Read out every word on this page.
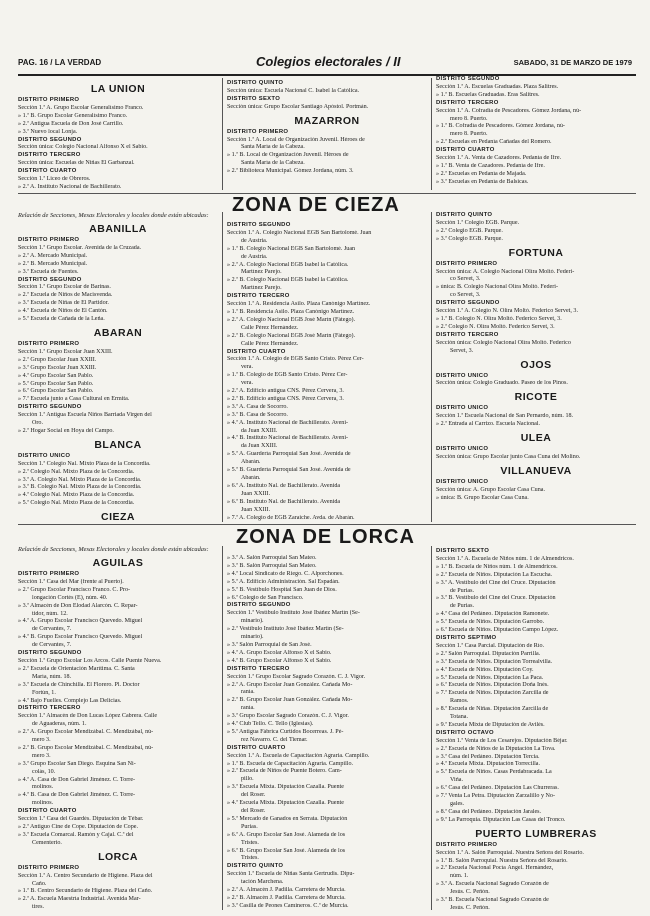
PAG. 16 / LA VERDAD	Colegios electorales / II	SABADO, 31 DE MARZO DE 1979
LA UNION
DISTRITO PRIMERO
Sección 1.ª A. Grupo Escolar Generalísimo Franco.
» 1.ª B. Grupo Escolar Generalísimo Franco.
» 2.ª Antigua Escuela de Don José Carrillo.
» 3.ª Nuevo local Lonja.
DISTRITO SEGUNDO
Sección única: Colegio Nacional Alfonso X el Sabio.
DISTRITO TERCERO
Sección única: Escuelas de Niñas El Garbanzal.
DISTRITO CUARTO
Sección 1.ª Liceo de Obreros.
» 2.ª A. Instituto Nacional de Bachillerato.
DISTRITO QUINTO
Sección única: Escuela Nacional C. Isabel la Católica.
DISTRITO SEXTO
Sección única: Grupo Escolar Santiago Apóstol. Portmán.
MAZARRON
DISTRITO PRIMERO
Sección 1.ª A. Local de Organización Juvenil. Héroes de
Santa María de la Cabeza.
» 1.ª B. Local de Organización Juvenil. Héroes de
Santa María de la Cabeza.
» 2.ª Biblioteca Municipal. Gómez Jordana, núm. 3.
DISTRITO SEGUNDO
Sección 1.ª A. Escuelas Graduadas. Plaza Salitres.
» 1.ª B. Escuelas Graduadas. Eras Salitres.
DISTRITO TERCERO
Sección 1.ª A. Cofradía de Pescadores. Gómez Jordana, nú-
mero 8. Puerto.
» 1.ª B. Cofradía de Pescadores. Gómez Jordana, nú-
mero 8. Puerto.
» 2.ª Escuelas en Pedanía Cañadas del Romero.
DISTRITO CUARTO
Sección 1.ª A. Venta de Cazadores. Pedanía de Ifre.
» 1.ª B. Venta de Cazadores. Pedanía de Ifre.
» 2.ª Escuelas en Pedanía de Majada.
» 3.ª Escuelas en Pedanía de Balsicas.
ZONA DE CIEZA
Relación de Secciones, Mesas Electorales y locales donde están ubicadas:
ABANILLA
DISTRITO PRIMERO
Sección 1.ª Grupo Escolar. Avenida de la Cruzada.
» 2.ª A. Mercado Municipal.
» 2.ª B. Mercado Municipal.
» 3.ª Escuela de Fuentes.
DISTRITO SEGUNDO
Sección 1.ª Grupo Escolar de Barinas.
» 2.ª Escuela de Niños de Macisvenda.
» 3.ª Escuela de Niñas de El Partidor.
» 4.ª Escuela de Niños de El Cantón.
» 5.ª Escuela de Cañada de la Leña.
ABARAN
DISTRITO PRIMERO
Sección 1.ª Grupo Escolar Juan XXIII.
» 2.ª Grupo Escolar Juan XXIII.
» 3.ª Grupo Escolar Juan XXIII.
» 4.ª Grupo Escolar San Pablo.
» 5.ª Grupo Escolar San Pablo.
» 6.ª Grupo Escolar San Pablo.
» 7.ª Escuela junto a Casa Cultural en Ermita.
DISTRITO SEGUNDO
Sección 1.ª Antigua Escuela Niños Barriada Virgen del
Oro.
» 2.ª Hogar Social en Hoya del Campo.
BLANCA
DISTRITO UNICO
Sección 1.ª Colegio Nal. Mixto Plaza de la Concordia.
» 2.ª Colegio Nal. Mixto Plaza de la Concordia.
» 3.ª A. Colegio Nal. Mixto Plaza de la Concordia.
» 3.ª B. Colegio Nal. Mixto Plaza de la Concordia.
» 4.ª Colegio Nal. Mixto Plaza de la Concordia.
» 5.ª Colegio Nal. Mixto Plaza de la Concordia.
CIEZA
DISTRITO SEGUNDO
Sección 1.ª A. Colegio Nacional EGB San Bartolomé. Juan
de Austria.
» 1.ª B. Colegio Nacional EGB San Bartolomé. Juan
de Austria.
» 2.ª A. Colegio Nacional EGB Isabel la Católica.
Martínez Parejo.
» 2.ª B. Colegio Nacional EGB Isabel la Católica.
Martínez Parejo.
DISTRITO TERCERO
Sección 1.ª A. Residencia Asilo. Plaza Canónigo Martínez.
» 1.ª B. Residencia Asilo. Plaza Canónigo Martínez.
» 2.ª A. Colegio Nacional EGB José Marín (Fátego).
Calle Pérez Hernández.
» 2.ª B. Colegio Nacional EGB José Marín (Fátego).
Calle Pérez Hernández.
DISTRITO CUARTO
Sección 1.ª A. Colegio de EGB Santo Cristo. Pérez Cer-
vera.
» 1.ª B. Colegio de EGB Santo Cristo. Pérez Cer-
vera.
» 2.ª A. Edificio antigua CNS. Pérez Cervera, 3.
» 2.ª B. Edificio antigua CNS. Pérez Cervera, 3.
» 3.ª A. Casa de Socorro.
» 3.ª B. Casa de Socorro.
» 4.ª A. Instituto Nacional de Bachillerato. Aveni-
da Juan XXIII.
» 4.ª B. Instituto Nacional de Bachillerato. Aveni-
da Juan XXIII.
» 5.ª A. Guardería Parroquial San José. Avenida de
Abarán.
» 5.ª B. Guardería Parroquial San José. Avenida de
Abarán.
» 6.ª A. Instituto Nal. de Bachillerato. Avenida
Juan XXIII.
» 6.ª B. Instituto Nal. de Bachillerato. Avenida
Juan XXIII.
» 7.ª A. Colegio de EGB Zaraiche. Avda. de Abarán.
DISTRITO QUINTO
Sección 1.ª Colegio EGB. Parque.
» 2.ª Colegio EGB. Parque.
» 3.ª Colegio EGB. Parque.
FORTUNA
DISTRITO PRIMERO
Sección única: A. Colegio Nacional Olíra Moltó. Federi-
co Servet, 3.
» única: B. Colegio Nacional Olíra Moltó. Federi-
co Servet, 3.
DISTRITO SEGUNDO
Sección 1.ª A. Colegio N. Olíra Moltó. Federico Servet, 3.
» 1.ª B. Colegio N. Olíra Moltó. Federico Servet, 3.
» 2.ª Colegio N. Olíra Moltó. Federico Servet, 3.
DISTRITO TERCERO
Sección única: Colegio Nacional Olíra Moltó. Federico
Servet, 3.
OJOS
DISTRITO UNICO
Sección única: Colegio Graduado. Paseo de los Pinos.
RICOTE
DISTRITO UNICO
Sección 1.ª Escuela Nacional de San Pernardo, núm. 18.
» 2.ª Entrada al Carrizo. Escuela Nacional.
ULEA
DISTRITO UNICO
Sección única: Grupo Escolar junto Casa Cuna del Molino.
VILLANUEVA
DISTRITO UNICO
Sección única: A. Grupo Escolar Casa Cuna.
» única: B. Grupo Escolar Casa Cuna.
ZONA DE LORCA
Relación de Secciones, Mesas Electorales y locales donde están ubicadas:
AGUILAS
DISTRITO PRIMERO
Sección 1.ª Casa del Mar (frente al Puerto).
» 2.ª Grupo Escolar Francisco Franco. C. Pro-
longación Cortés (E), núm. 40.
» 3.ª Almacén de Don Elodad Alarcón. C. Repar-
tidor, núm. 12.
» 4.ª A. Grupo Escolar Francisco Quevedo. Miguel
de Cervantes, 7.
» 4.ª B. Grupo Escolar Francisco Quevedo. Miguel
de Cervantes, 7.
DISTRITO SEGUNDO
Sección 1.ª Grupo Escolar Los Arcos. Calle Puente Nueva.
» 2.ª Escuela de Orientación Marítima. C. Santa
María, núm. 18.
» 3.ª Escuela de Chinchilla. El Florero. Pl. Doctor
Fortún, 1.
» 4.ª Bajo Fuelles. Complejo Las Delicias.
DISTRITO TERCERO
Sección 1.ª Almacén de Don Lucas López Cabrera. Calle
de Aguaderas, núm. 1.
» 2.ª A. Grupo Escolar Mendizábal. C. Mendizábal, nú-
mero 3.
» 2.ª B. Grupo Escolar Mendizábal. C. Mendizábal, nú-
mero 3.
» 3.ª Grupo Escolar San Diego. Esquina San Ni-
colás, 10.
» 4.ª A. Casa de Don Gabriel Jiménez. C. Torre-
molinos.
» 4.ª B. Casa de Don Gabriel Jiménez. C. Torre-
molinos.
DISTRITO CUARTO
Sección 1.ª Casa del Guardés. Diputación de Tébar.
» 2.ª Antiguo Cine de Cope. Diputación de Cope.
» 3.ª Escuela Comarcal. Ramón y Cajal. C.ª del
Cementerio.
LORCA
DISTRITO PRIMERO
Sección 1.ª A. Centro Secundario de Higiene. Plaza del
Caño.
» 1.ª B. Centro Secundario de Higiene. Plaza del Caño.
» 2.ª A. Escuela Maestría Industrial. Avenida Mar-
tires.
» 3.ª A. Salón Parroquial San Mateo.
» 3.ª B. Salón Parroquial San Mateo.
» 4.ª Local Sindicato de Riego. C. Alporchones.
» 5.ª A. Edificio Administración. Sal Espadán.
» 5.ª B. Vestíbulo Hospital San Juan de Dios.
» 6.ª Colegio de San Francisco.
DISTRITO SEGUNDO
Sección 1.ª Vestíbulo Instituto José Ibáñez Martín (Se-
minario).
» 2.ª Vestíbulo Instituto José Ibáñez Martín (Se-
minario).
» 3.ª Salón Parroquial de San José.
» 4.ª A. Grupo Escolar Alfonso X el Sabio.
» 4.ª B. Grupo Escolar Alfonso X el Sabio.
DISTRITO TERCERO
Sección 1.ª Grupo Escolar Sagrado Corazón. C. J. Vigor.
» 2.ª A. Grupo Escolar Juan González. Cañada Mo-
ranía.
» 2.ª B. Grupo Escolar Juan González. Cañada Mo-
ranía.
» 3.ª Grupo Escolar Sagrado Corazón. C. J. Vigor.
» 4.ª Club Tello. C. Tello (Iglesias).
» 5.ª Antigua Fábrica Curtidos Bocerreas. J. Pé-
rez Navarro. C. del Tiemar.
DISTRITO CUARTO
Sección 1.ª A. Escuela de Capacitación Agraria. Campillo.
» 1.ª B. Escuela de Capacitación Agraria. Campillo.
» 2.ª Escuela de Niños de Puente Botero. Cam-
pillo.
» 3.ª Escuela Mixta. Diputación Cazalla. Puente
del Roser.
» 4.ª Escuela Mixta. Diputación Cazalla. Puente
del Roser.
» 5.ª Mercado de Ganados en Serrata. Diputación
Purias.
» 6.ª A. Grupo Escolar San José. Alameda de los
Tristes.
» 6.ª B. Grupo Escolar San José. Alameda de los
Tristes.
DISTRITO QUINTO
Sección 1.ª Escuela de Niñas Santa Gertrudis. Dipu-
tación Marchena.
» 2.ª A. Almacén J. Padilla. Carretera de Murcia.
» 2.ª B. Almacén J. Padilla. Carretera de Murcia.
» 3.ª Casilla de Peones Camineros. C.ª de Murcia.
DISTRITO SEXTO
Sección 1.ª A. Escuela de Niños núm. 1 de Almendricos.
» 1.ª B. Escuela de Niños núm. 1 de Almendricos.
» 2.ª Escuela de Niños. Diputación La Escucha.
» 3.ª A. Vestíbulo del Cine del Cruce. Diputación
de Purias.
» 3.ª B. Vestíbulo del Cine del Cruce. Diputación
de Purias.
» 4.ª Casa del Pedáneo. Diputación Ramonete.
» 5.ª Escuela de Niños. Diputación Garrobo.
» 6.ª Escuela de Niños. Diputación Campo López.
DISTRITO SEPTIMO
Sección 1.ª Casa Parcial. Diputación de Río.
» 2.ª Salón Parroquial. Diputación Parrilla.
» 3.ª Escuela de Niños. Diputación Torrealvilla.
» 4.ª Escuela de Niños. Diputación Coy.
» 5.ª Escuela de Niños. Diputación La Paca.
» 6.ª Escuela de Niños. Diputación Doña Inés.
» 7.ª Escuela de Niños. Diputación Zarcilla de
Ramos.
» 8.ª Escuela de Niñas. Diputación Zarcilla de
Totana.
» 9.ª Escuela Mixta de Diputación de Avilés.
DISTRITO OCTAVO
Sección 1.ª Venta de Los Cesarejos. Diputación Béjar.
» 2.ª Escuela de Niños de la Diputación La Tova.
» 3.ª Casa del Pedáneo. Diputación Tercia.
» 4.ª Escuela Mixta. Diputación Torrecilla.
» 5.ª Escuela de Niños. Casas Perdabracada. La
Viña.
» 6.ª Casa del Pedáneo. Diputación Las Churreras.
» 7.ª Venta La Petra. Diputación Zarzalillo y No-
gales.
» 8.ª Casa del Pedáneo. Diputación Jarales.
» 9.ª La Parroquia. Diputación Las Casas del Tronco.
PUERTO LUMBRERAS
DISTRITO PRIMERO
Sección 1.ª A. Salón Parroquial. Nuestra Señora del Rosario.
» 1.ª B. Salón Parroquial. Nuestra Señora del Rosario.
» 2.ª Escuela Nacional Pocía Ángel. Hernández,
núm. 1.
» 3.ª A. Escuela Nacional Sagrado Corazón de
Jesús. C. Peñón.
» 3.ª B. Escuela Nacional Sagrado Corazón de
Jesús. C. Peñón.
